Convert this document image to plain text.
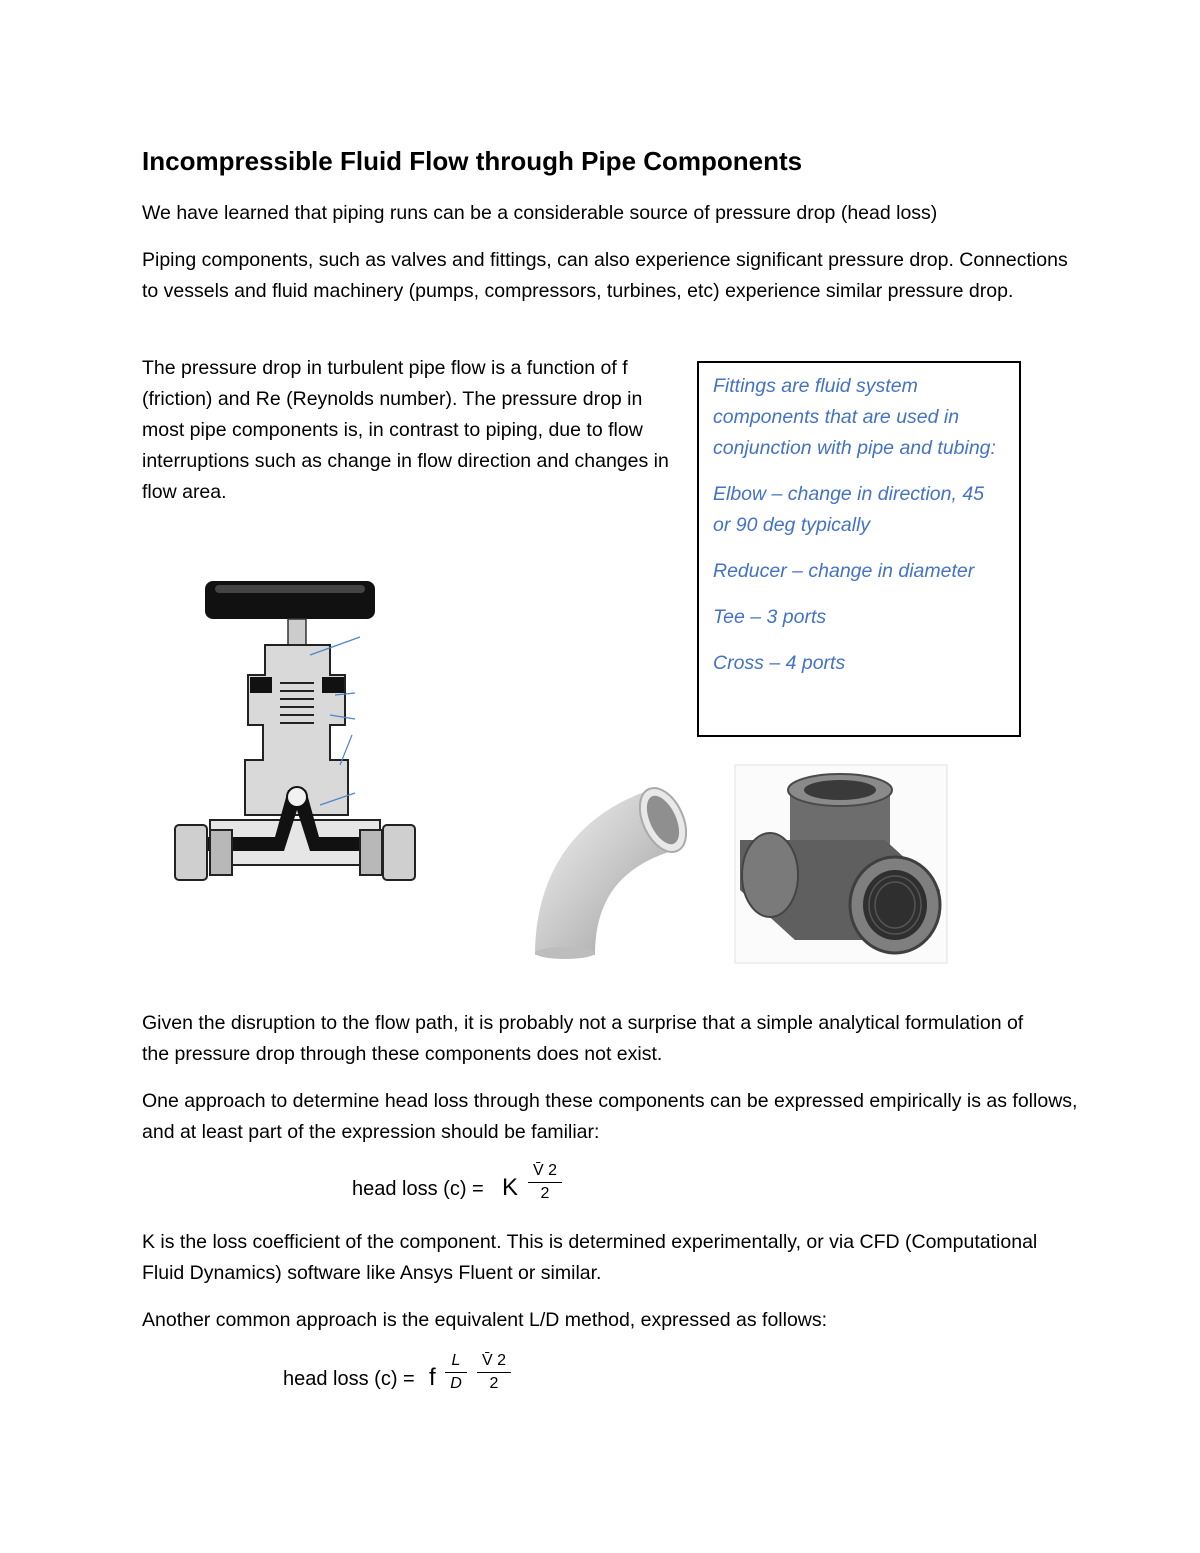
Incompressible Fluid Flow through Pipe Components
We have learned that piping runs can be a considerable source of pressure drop (head loss)
Piping components, such as valves and fittings, can also experience significant pressure drop. Connections to vessels and fluid machinery (pumps, compressors, turbines, etc) experience similar pressure drop.
The pressure drop in turbulent pipe flow is a function of f (friction) and Re (Reynolds number). The pressure drop in most pipe components is, in contrast to piping, due to flow interruptions such as change in flow direction and changes in flow area.

Fittings are fluid system components that are used in conjunction with pipe and tubing:

Elbow – change in direction, 45 or 90 deg typically

Reducer – change in diameter

Tee – 3 ports

Cross – 4 ports

Given the disruption to the flow path, it is probably not a surprise that a simple analytical formulation of the pressure drop through these components does not exist.
One approach to determine head loss through these components can be expressed empirically is as follows, and at least part of the expression should be familiar:
head loss (c) = K
V̄ 2
2
K is the loss coefficient of the component. This is determined experimentally, or via CFD (Computational Fluid Dynamics) software like Ansys Fluent or similar.
Another common approach is the equivalent L/D method, expressed as follows:
head loss (c) = f
L
D
V̄ 2
2
